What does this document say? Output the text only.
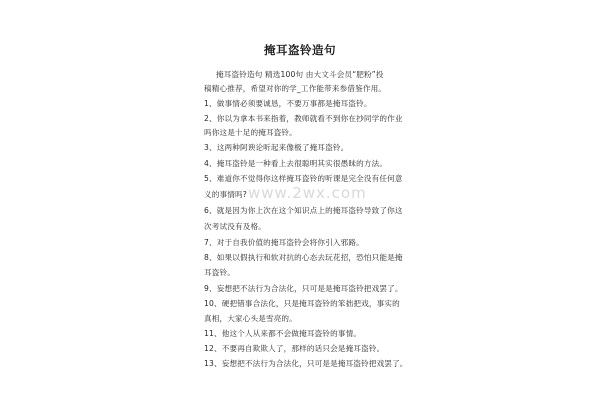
掩耳盗铃造句
掩耳盗铃造句 精选100句 由大文斗会员“肥粉”投
稿精心推荐，希望对你的学_工作能带来参借鉴作用。
1、做事情必须要诚恳，不要万事都是掩耳盗铃。
2、你以为拿本书来指着，教师就看不到你在抄同学的作业
吗你这是十足的掩耳盗铃。
3、这两种阿谀论听起来像极了掩耳盗铃。
4、掩耳盗铃是一种看上去很聪明其实很愚昧的方法。
5、难道你不觉得你这样掩耳盗铃的听课是完全没有任何意
义的事情吗?
6、就是因为你上次在这个知识点上的掩耳盗铃导致了你这
次考试没有及格。
7、对于自我价值的掩耳盗铃会将你引入邪路。
8、如果以假执行和软对抗的心态去玩花招，恐怕只能是掩
耳盗铃。
9、妄想把不法行为合法化，只可是是掩耳盗铃把戏罢了。
10、硬把错事合法化，只是掩耳盗铃的笨拙把戏，事实的
真相，大家心头是雪亮的。
11、他这个人从来都不会做掩耳盗铃的事情。
12、不要再自欺欺人了，那样的话只会是掩耳盗铃。
13、妄想把不法行为合法化，只可是是掩耳盗铃把戏罢了。
www.2wx.com
